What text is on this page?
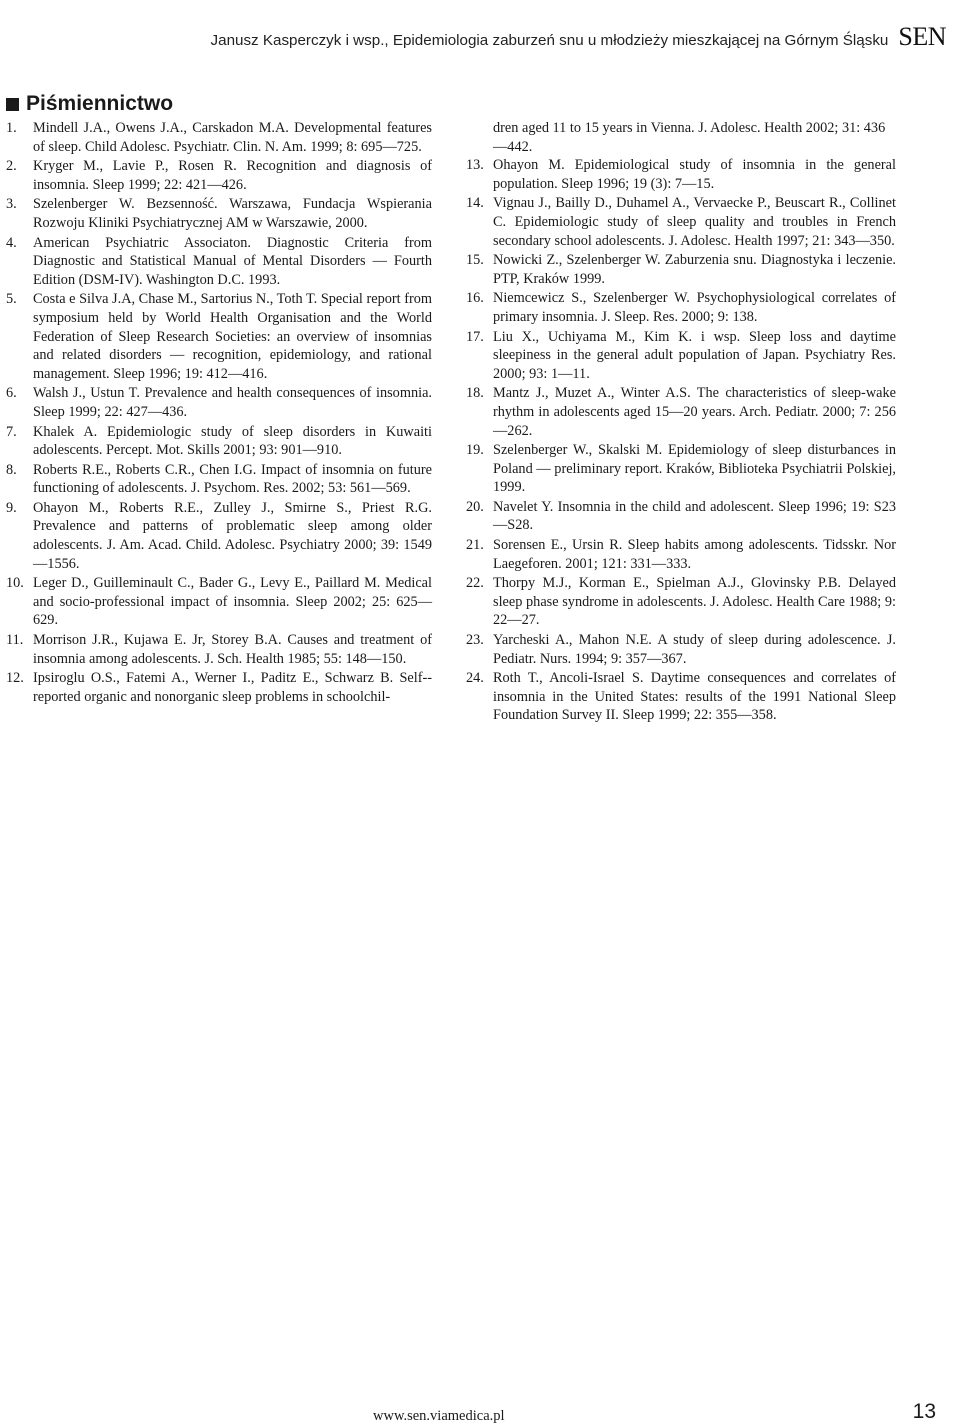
Janusz Kasperczyk i wsp., Epidemiologia zaburzeń snu u młodzieży mieszkającej na Górnym Śląsku SEN
Piśmiennictwo
1. Mindell J.A., Owens J.A., Carskadon M.A. Developmental features of sleep. Child Adolesc. Psychiatr. Clin. N. Am. 1999; 8: 695—725.
2. Kryger M., Lavie P., Rosen R. Recognition and diagnosis of insomnia. Sleep 1999; 22: 421—426.
3. Szelenberger W. Bezsenność. Warszawa, Fundacja Wspierania Rozwoju Kliniki Psychiatrycznej AM w Warszawie, 2000.
4. American Psychiatric Associaton. Diagnostic Criteria from Diagnostic and Statistical Manual of Mental Disorders — Fourth Edition (DSM-IV). Washington D.C. 1993.
5. Costa e Silva J.A, Chase M., Sartorius N., Toth T. Special report from symposium held by World Health Organisation and the World Federation of Sleep Research Societies: an overview of insomnias and related disorders — recognition, epidemiology, and rational management. Sleep 1996; 19: 412—416.
6. Walsh J., Ustun T. Prevalence and health consequences of insomnia. Sleep 1999; 22: 427—436.
7. Khalek A. Epidemiologic study of sleep disorders in Kuwaiti adolescents. Percept. Mot. Skills 2001; 93: 901—910.
8. Roberts R.E., Roberts C.R., Chen I.G. Impact of insomnia on future functioning of adolescents. J. Psychom. Res. 2002; 53: 561—569.
9. Ohayon M., Roberts R.E., Zulley J., Smirne S., Priest R.G. Prevalence and patterns of problematic sleep among older adolescents. J. Am. Acad. Child. Adolesc. Psychiatry 2000; 39: 1549—1556.
10. Leger D., Guilleminault C., Bader G., Levy E., Paillard M. Medical and socio-professional impact of insomnia. Sleep 2002; 25: 625—629.
11. Morrison J.R., Kujawa E. Jr, Storey B.A. Causes and treatment of insomnia among adolescents. J. Sch. Health 1985; 55: 148—150.
12. Ipsiroglu O.S., Fatemi A., Werner I., Paditz E., Schwarz B. Self--reported organic and nonorganic sleep problems in schoolchil-
dren aged 11 to 15 years in Vienna. J. Adolesc. Health 2002; 31: 436—442.
13. Ohayon M. Epidemiological study of insomnia in the general population. Sleep 1996; 19 (3): 7—15.
14. Vignau J., Bailly D., Duhamel A., Vervaecke P., Beuscart R., Collinet C. Epidemiologic study of sleep quality and troubles in French secondary school adolescents. J. Adolesc. Health 1997; 21: 343—350.
15. Nowicki Z., Szelenberger W. Zaburzenia snu. Diagnostyka i leczenie. PTP, Kraków 1999.
16. Niemcewicz S., Szelenberger W. Psychophysiological correlates of primary insomnia. J. Sleep. Res. 2000; 9: 138.
17. Liu X., Uchiyama M., Kim K. i wsp. Sleep loss and daytime sleepiness in the general adult population of Japan. Psychiatry Res. 2000; 93: 1—11.
18. Mantz J., Muzet A., Winter A.S. The characteristics of sleep-wake rhythm in adolescents aged 15—20 years. Arch. Pediatr. 2000; 7: 256—262.
19. Szelenberger W., Skalski M. Epidemiology of sleep disturbances in Poland — preliminary report. Kraków, Biblioteka Psychiatrii Polskiej, 1999.
20. Navelet Y. Insomnia in the child and adolescent. Sleep 1996; 19: S23—S28.
21. Sorensen E., Ursin R. Sleep habits among adolescents. Tidsskr. Nor Laegeforen. 2001; 121: 331—333.
22. Thorpy M.J., Korman E., Spielman A.J., Glovinsky P.B. Delayed sleep phase syndrome in adolescents. J. Adolesc. Health Care 1988; 9: 22—27.
23. Yarcheski A., Mahon N.E. A study of sleep during adolescence. J. Pediatr. Nurs. 1994; 9: 357—367.
24. Roth T., Ancoli-Israel S. Daytime consequences and correlates of insomnia in the United States: results of the 1991 National Sleep Foundation Survey II. Sleep 1999; 22: 355—358.
www.sen.viamedica.pl	13
